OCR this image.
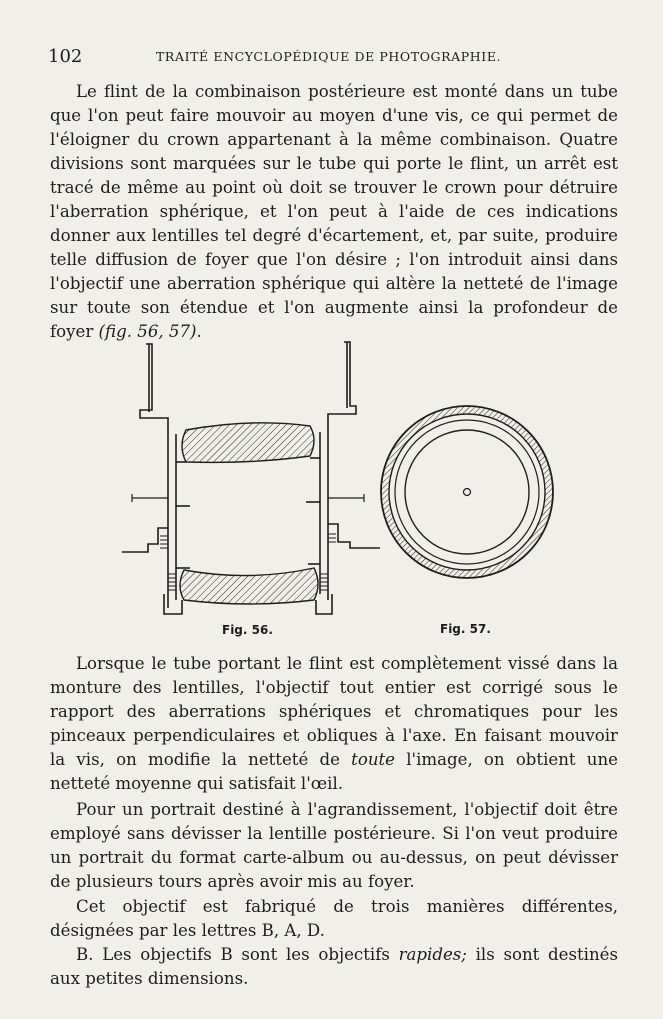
102	TRAITÉ ENCYCLOPÉDIQUE DE PHOTOGRAPHIE.

Le flint de la combinaison postérieure est monté dans un tube que l'on peut faire mouvoir au moyen d'une vis, ce qui permet de l'éloigner du crown appartenant à la même combinaison. Quatre divisions sont marquées sur le tube qui porte le flint, un arrêt est tracé de même au point où doit se trouver le crown pour détruire l'aberration sphérique, et l'on peut à l'aide de ces indications donner aux lentilles tel degré d'écartement, et, par suite, produire telle diffusion de foyer que l'on désire ; l'on introduit ainsi dans l'objectif une aberration sphérique qui altère la netteté de l'image sur toute son étendue et l'on augmente ainsi la profondeur de foyer (fig. 56, 57).

Fig. 56.	Fig. 57.

Lorsque le tube portant le flint est complètement vissé dans la monture des lentilles, l'objectif tout entier est corrigé sous le rapport des aberrations sphériques et chromatiques pour les pinceaux perpendiculaires et obliques à l'axe. En faisant mouvoir la vis, on modifie la netteté de toute l'image, on obtient une netteté moyenne qui satisfait l'œil.

Pour un portrait destiné à l'agrandissement, l'objectif doit être employé sans dévisser la lentille postérieure. Si l'on veut produire un portrait du format carte-album ou au-dessus, on peut dévisser de plusieurs tours après avoir mis au foyer.

Cet objectif est fabriqué de trois manières différentes, désignées par les lettres B, A, D.

B. Les objectifs B sont les objectifs rapides; ils sont destinés aux petites dimensions.
